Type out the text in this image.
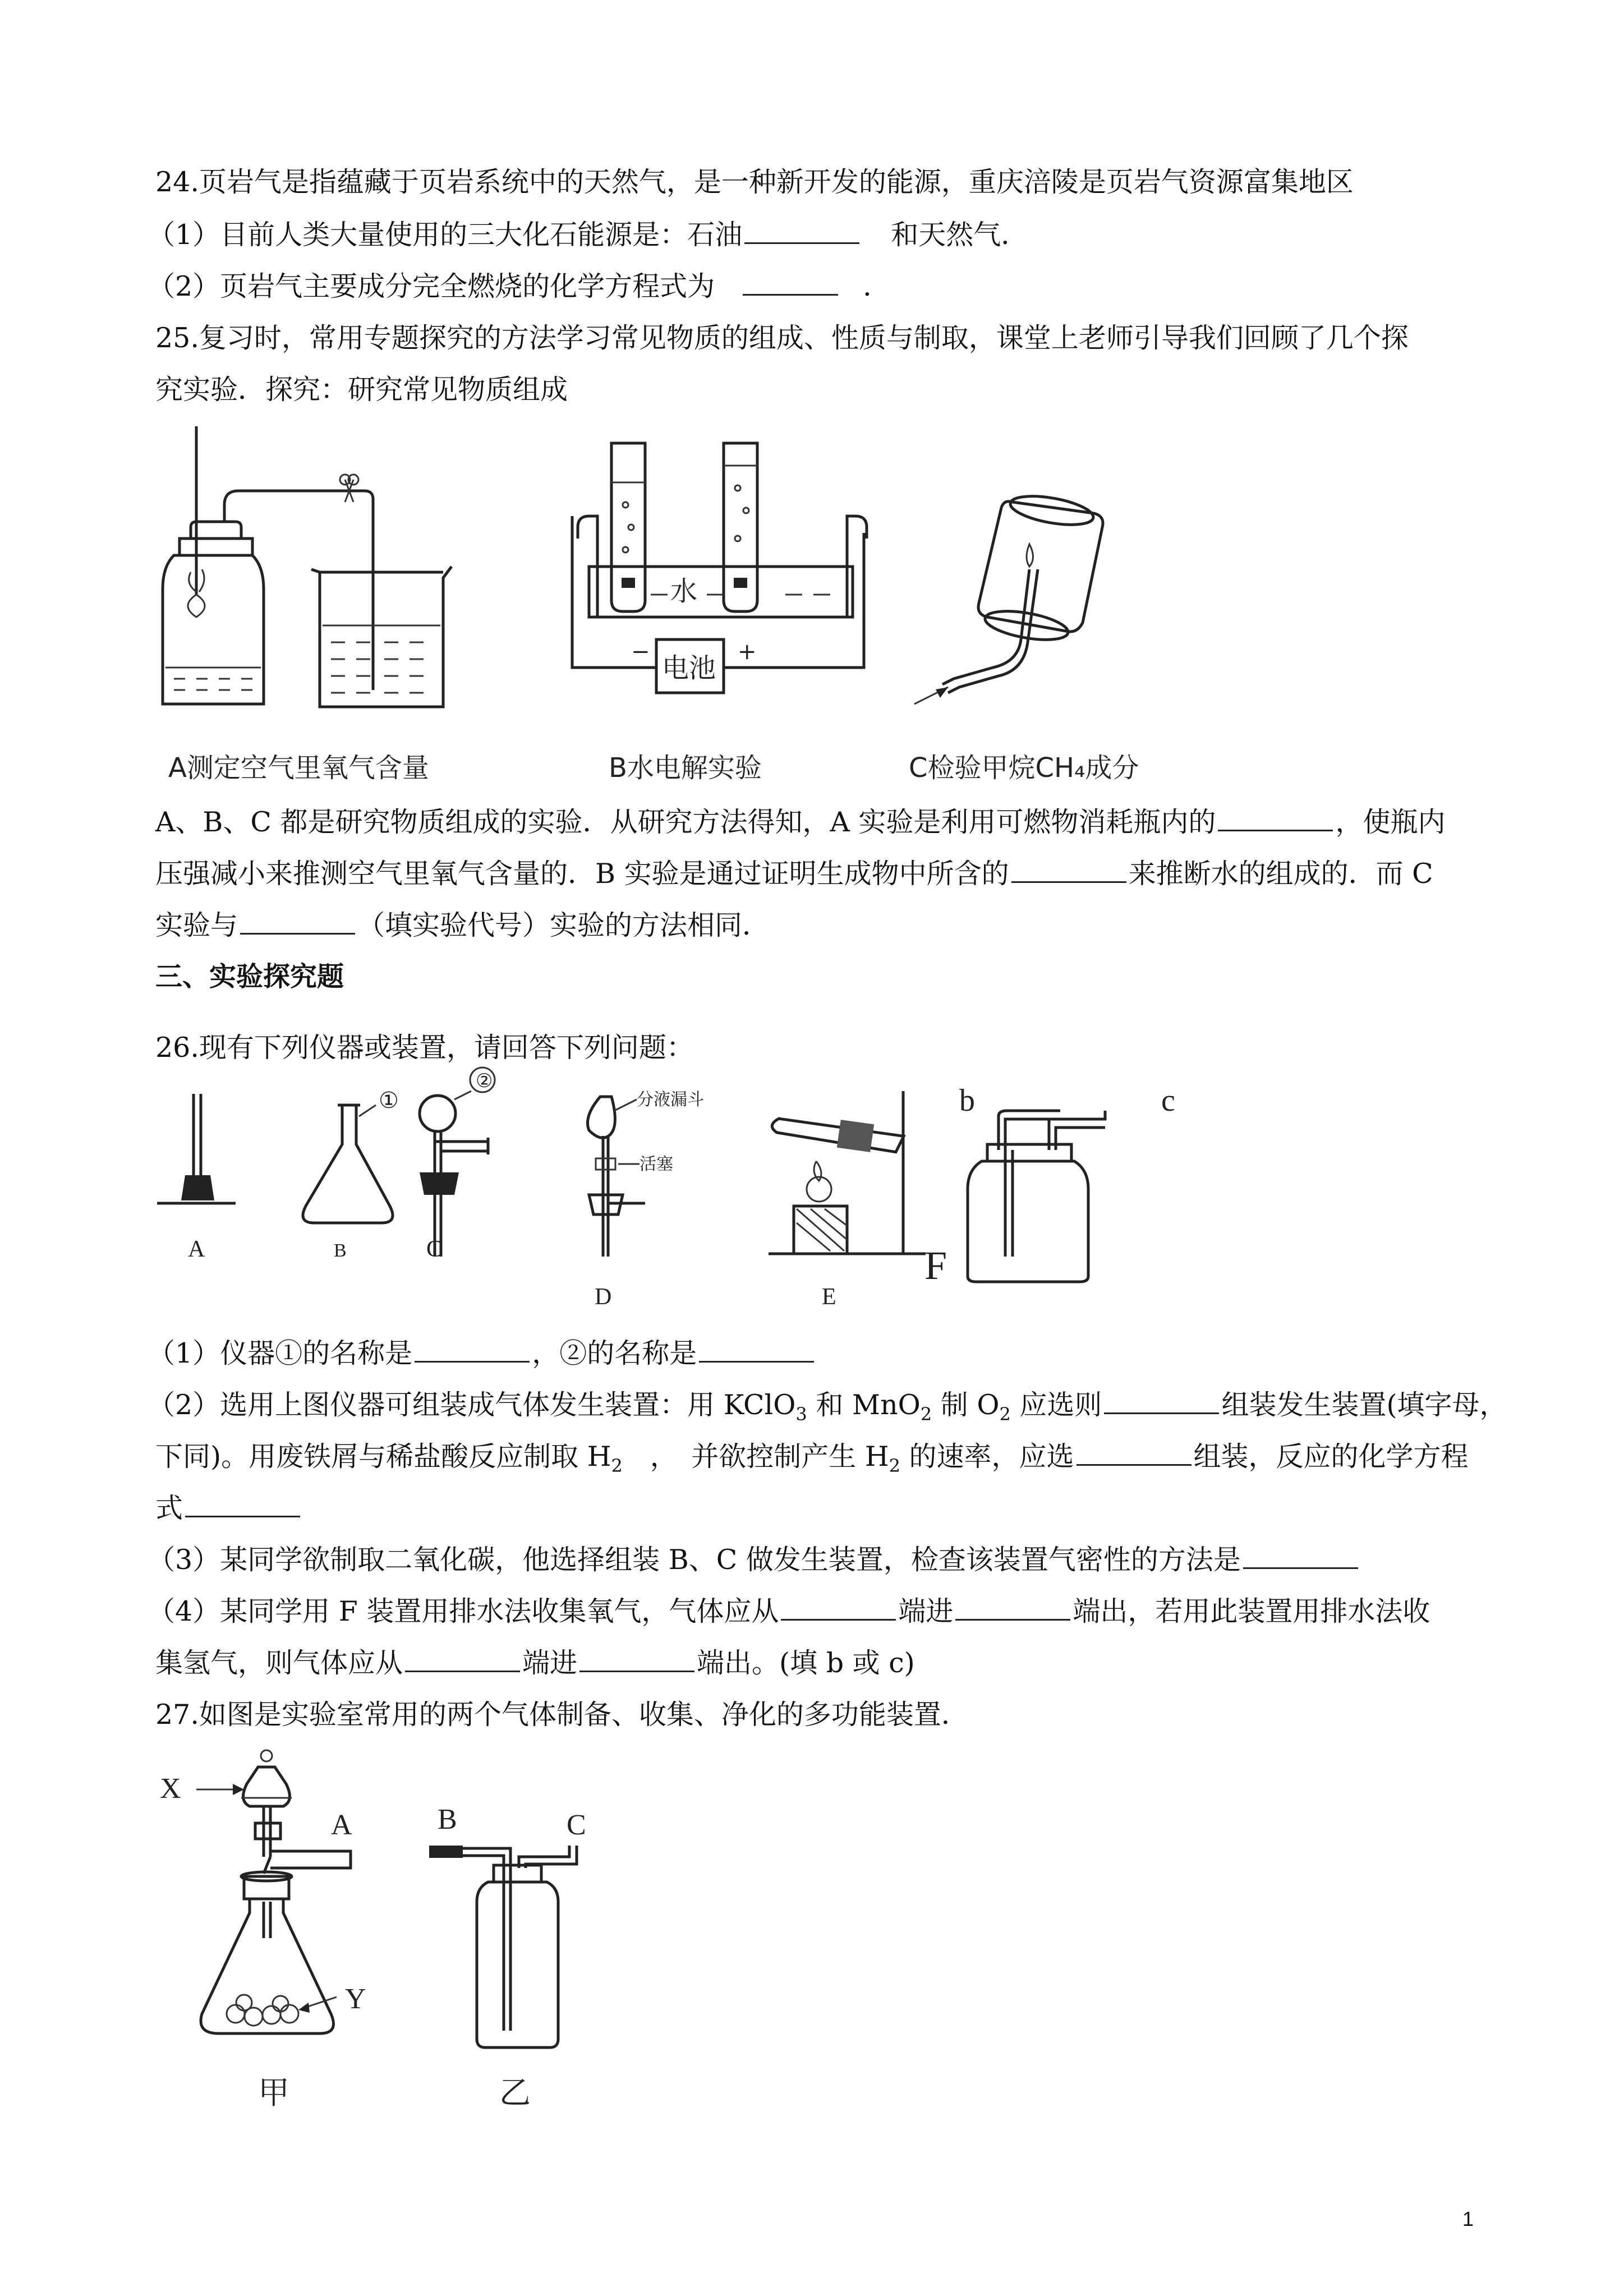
24.页岩气是指蕴藏于页岩系统中的天然气，是一种新开发的能源，重庆涪陵是页岩气资源富集地区
（1）目前人类大量使用的三大化石能源是：石油	和天然气．
（2）页岩气主要成分完全燃烧的化学方程式为	．
25.复习时，常用专题探究的方法学习常见物质的组成、性质与制取，课堂上老师引导我们回顾了几个探
究实验．探究：研究常见物质组成
A测定空气里氧气含量
水
电池
−	+
B水电解实验	C检验甲烷CH₄成分
A、B、C 都是研究物质组成的实验．从研究方法得知，A 实验是利用可燃物消耗瓶内的	，使瓶内
压强减小来推测空气里氧气含量的．B 实验是通过证明生成物中所含的	来推断水的组成的．而 C
实验与	（填实验代号）实验的方法相同．
三、实验探究题
26.现有下列仪器或装置，请回答下列问题：
A
①
B
②
C
分液漏斗
活塞
D	E
b	c
F
（1）仪器①的名称是	，②的名称是
（2）选用上图仪器可组装成气体发生装置：用 KClO$_3$ 和 MnO$_2$ 制 $O_2$ 应选则	组装发生装置(填字母，
下同)。用废铁屑与稀盐酸反应制取 $H_2$　，　并欲控制产生 $H_2$ 的速率，应选	组装，反应的化学方程
式
（3）某同学欲制取二氧化碳，他选择组装 B、C 做发生装置，检查该装置气密性的方法是
（4）某同学用 F 装置用排水法收集氧气，气体应从	端进	端出，若用此装置用排水法收
集氢气，则气体应从	端进	端出。(填 b 或 c)
27.如图是实验室常用的两个气体制备、收集、净化的多功能装置．
X
A
Y
甲
B	C
乙
1
